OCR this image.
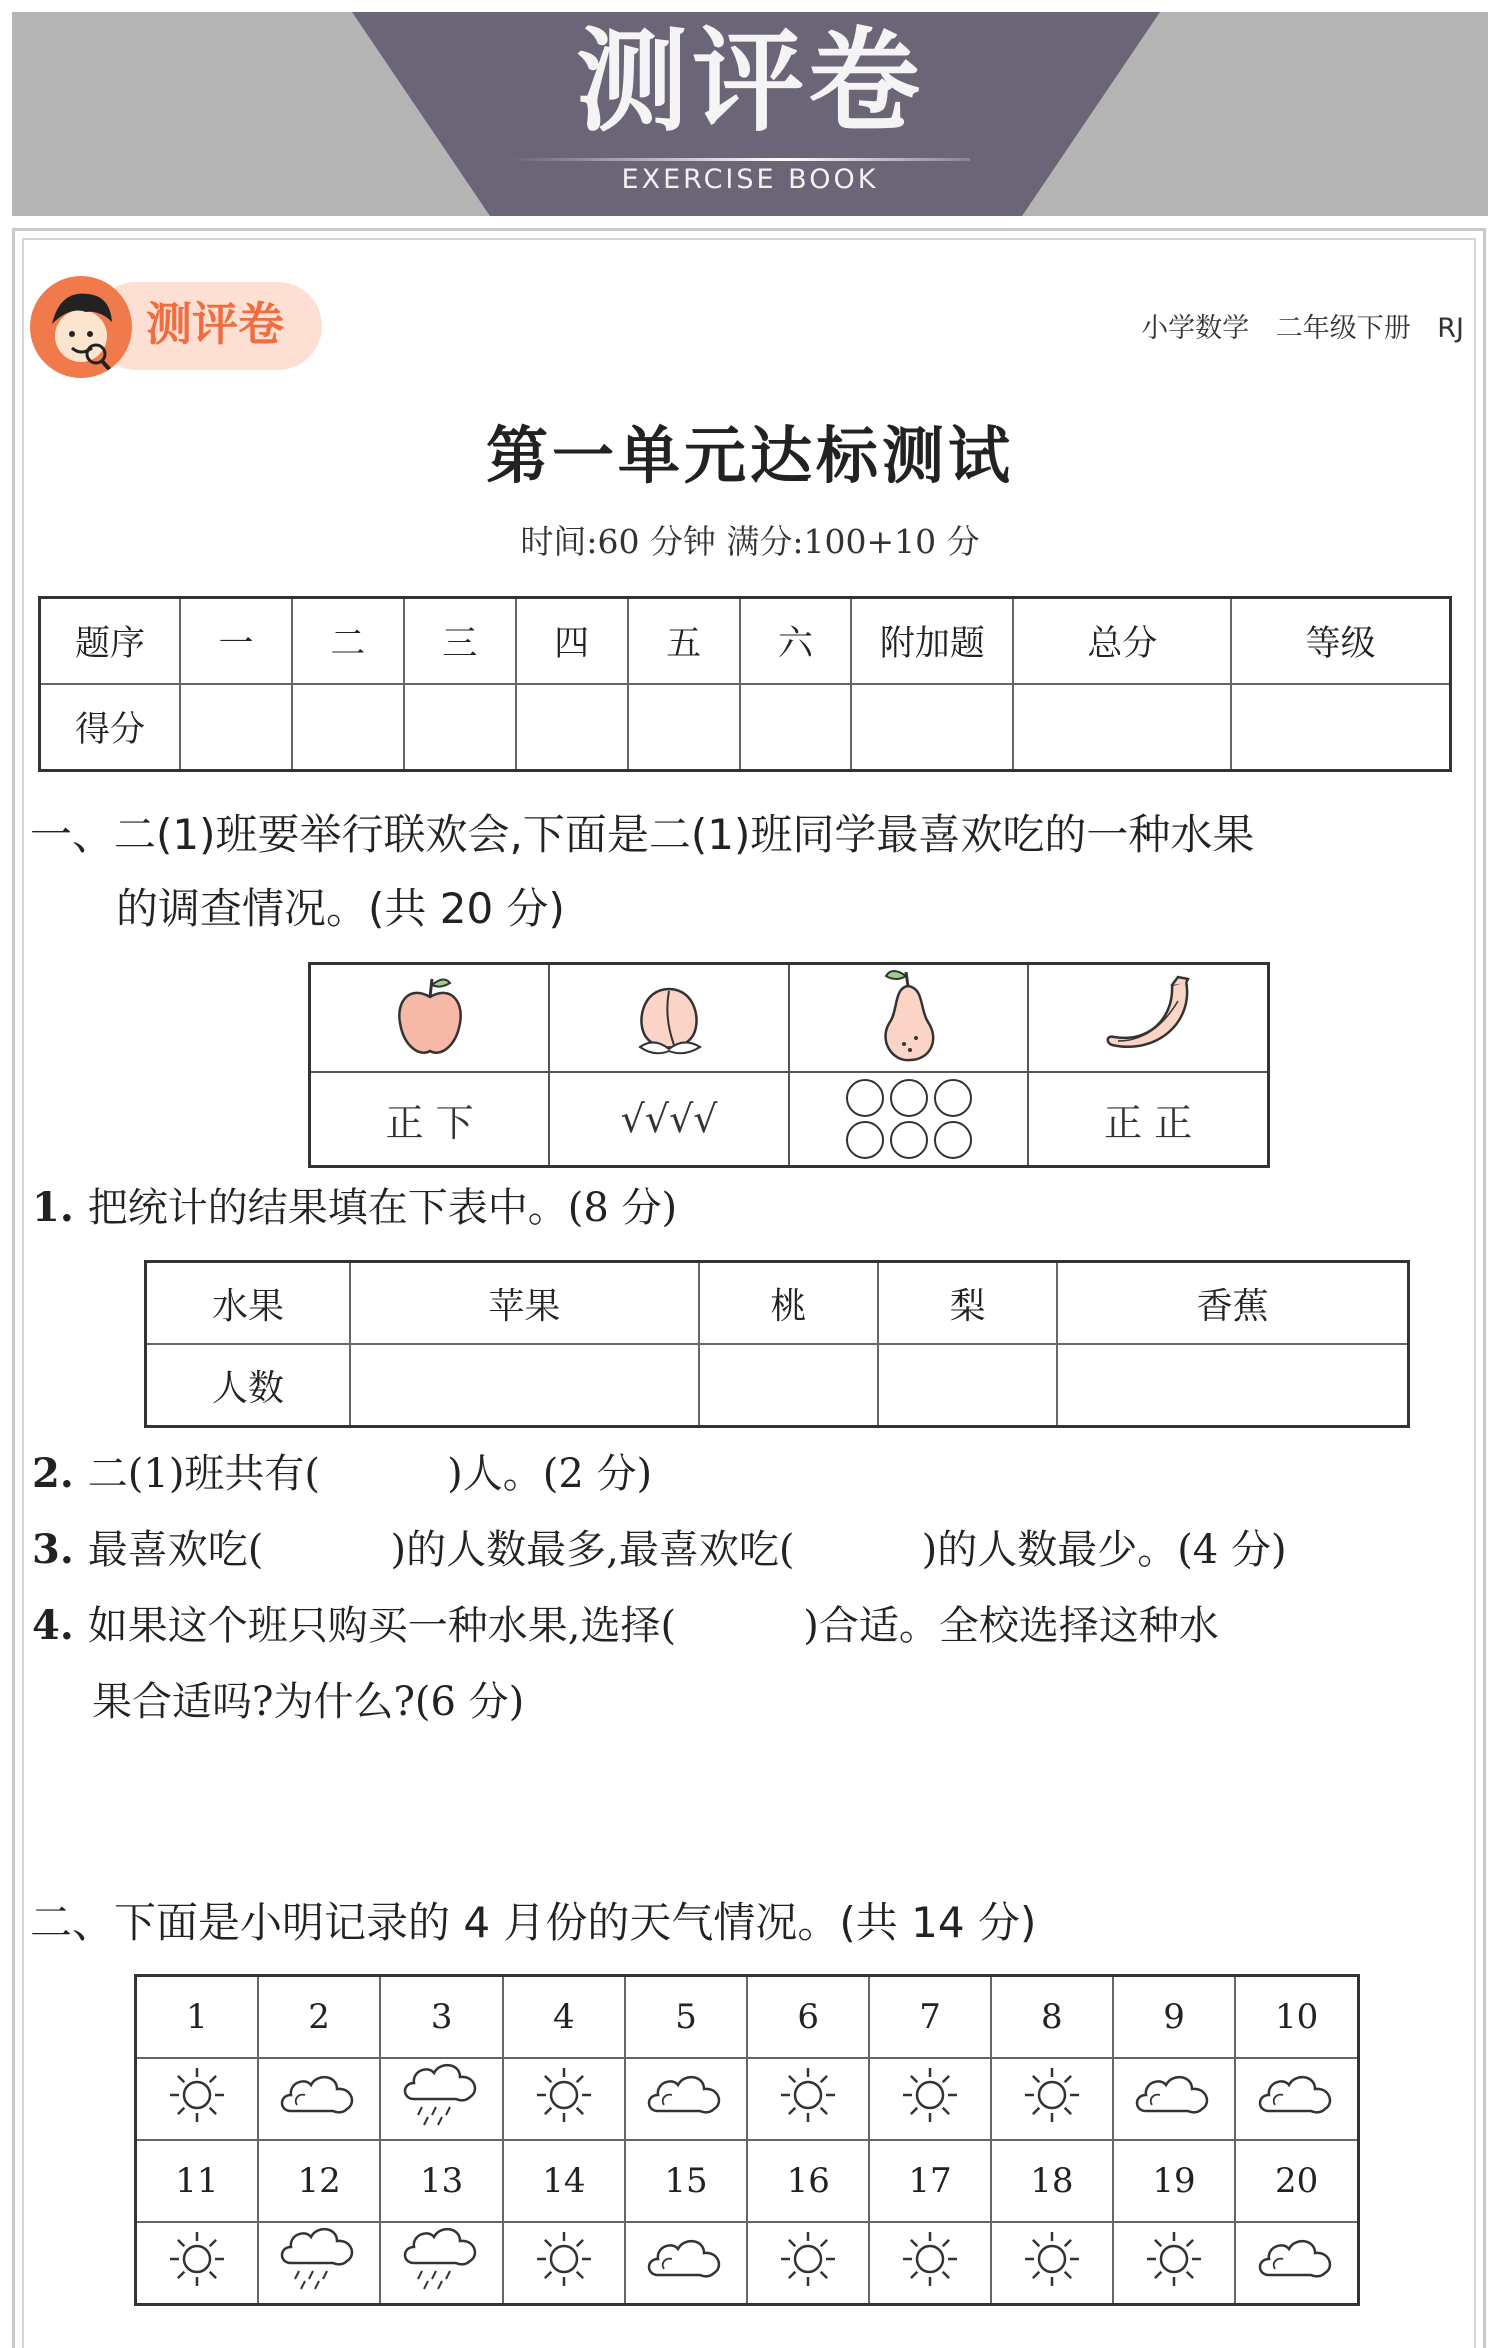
测评卷
EXERCISE BOOK
测评卷	小学数学 二年级下册 RJ
第一单元达标测试
时间:60 分钟 满分:100+10 分
题序	一	二	三	四	五	六	附加题	总分	等级
得分									
一、二(1)班要举行联欢会,下面是二(1)班同学最喜欢吃的一种水果
的调查情况。(共 20 分)

正 下	√√√√		正 正
1. 把统计的结果填在下表中。(8 分)
水果	苹果	桃	梨	香蕉
人数				
2. 二(1)班共有(          )人。(2 分)
3. 最喜欢吃(          )的人数最多,最喜欢吃(          )的人数最少。(4 分)
4. 如果这个班只购买一种水果,选择(          )合适。全校选择这种水
果合适吗?为什么?(6 分)
二、下面是小明记录的 4 月份的天气情况。(共 14 分)
1	2	3	4	5	6	7	8	9	10

11	12	13	14	15	16	17	18	19	20
